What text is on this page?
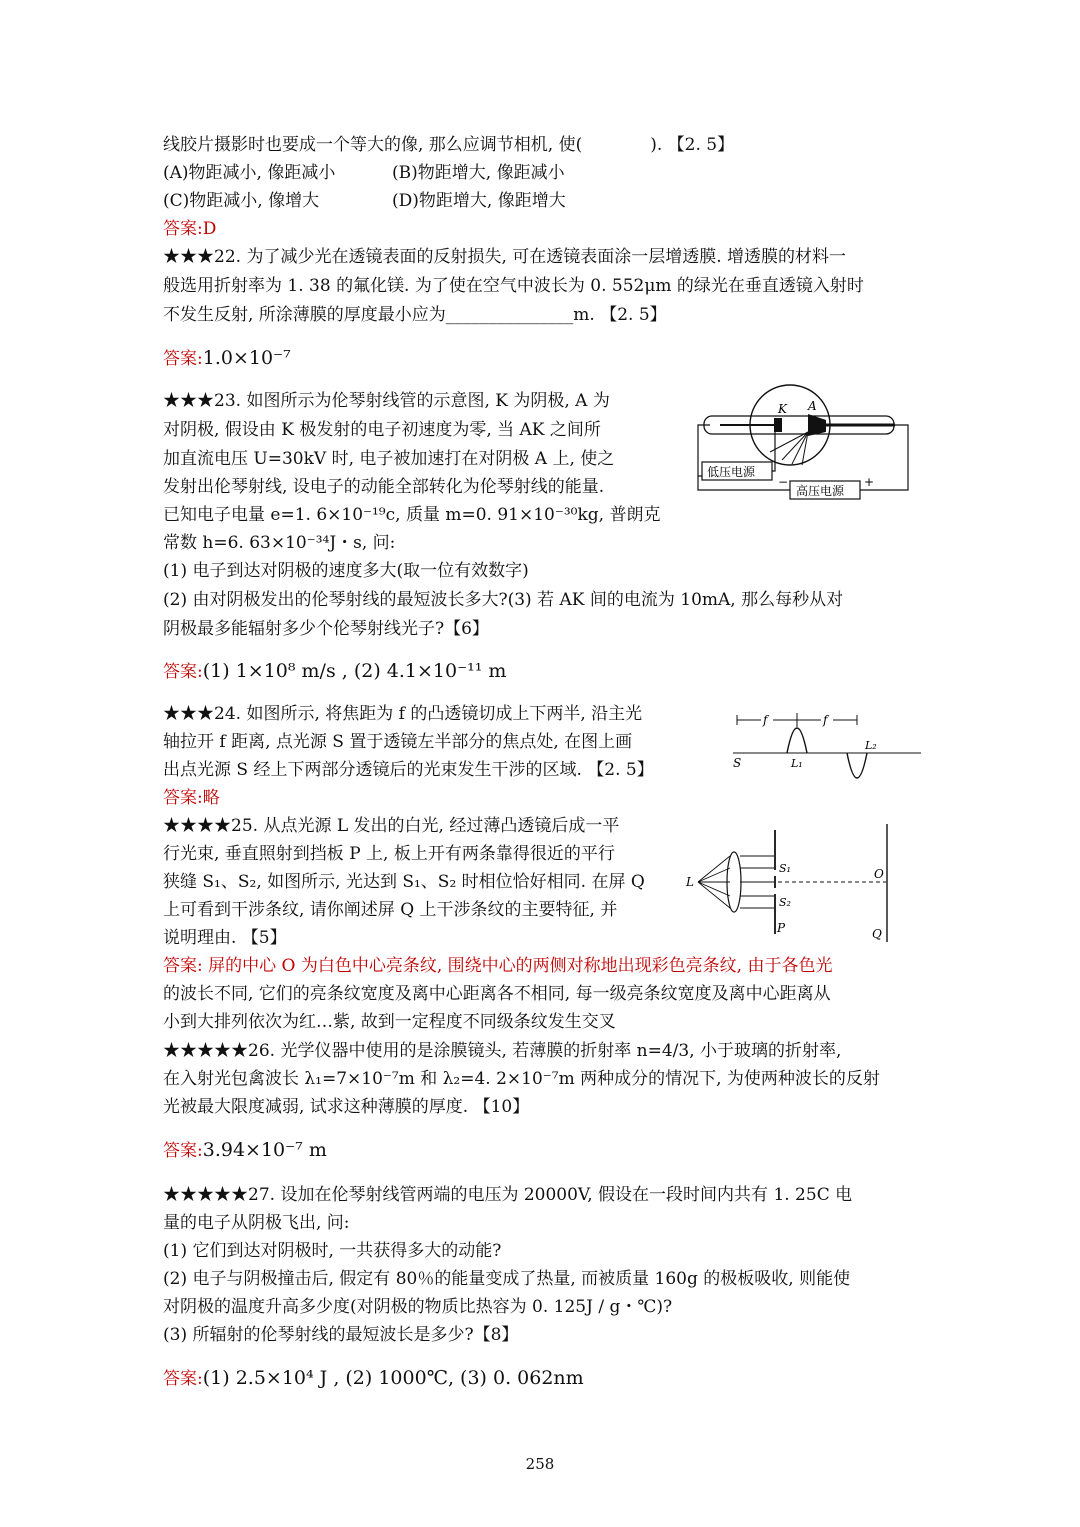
线胶片摄影时也要成一个等大的像, 那么应调节相机, 使(　　　　). 【2. 5】
(A)物距减小, 像距减小	(B)物距增大, 像距减小
(C)物距减小, 像增大	(D)物距增大, 像距增大
答案:D
★★★22. 为了减少光在透镜表面的反射损失, 可在透镜表面涂一层增透膜. 增透膜的材料一
般选用折射率为 1. 38 的氟化镁. 为了使在空气中波长为 0. 552μm 的绿光在垂直透镜入射时
不发生反射, 所涂薄膜的厚度最小应为_______________m. 【2. 5】
答案:1.0×10⁻⁷
★★★23. 如图所示为伦琴射线管的示意图, K 为阴极, A 为
对阴极, 假设由 K 极发射的电子初速度为零, 当 AK 之间所
加直流电压 U=30kV 时, 电子被加速打在对阴极 A 上, 使之
发射出伦琴射线, 设电子的动能全部转化为伦琴射线的能量.
已知电子电量 e=1. 6×10⁻¹⁹c, 质量 m=0. 91×10⁻³⁰kg, 普朗克
常数 h=6. 63×10⁻³⁴J・s, 问:
(1) 电子到达对阴极的速度多大(取一位有效数字)
(2) 由对阴极发出的伦琴射线的最短波长多大?(3) 若 AK 间的电流为 10mA, 那么每秒从对
阴极最多能辐射多少个伦琴射线光子?【6】
答案:(1) 1×10⁸ m/s , (2) 4.1×10⁻¹¹ m
K A
低压电源
高压电源
−	+
★★★24. 如图所示, 将焦距为 f 的凸透镜切成上下两半, 沿主光
轴拉开 f 距离, 点光源 S 置于透镜左半部分的焦点处, 在图上画
出点光源 S 经上下两部分透镜后的光束发生干涉的区域. 【2. 5】
答案:略
f	f
S	L₁
L₂
★★★★25. 从点光源 L 发出的白光, 经过薄凸透镜后成一平
行光束, 垂直照射到挡板 P 上, 板上开有两条靠得很近的平行
狭缝 S₁、S₂, 如图所示, 光达到 S₁、S₂ 时相位恰好相同. 在屏 Q
上可看到干涉条纹, 请你阐述屏 Q 上干涉条纹的主要特征, 并
说明理由. 【5】
答案: 屏的中心 O 为白色中心亮条纹, 围绕中心的两侧对称地出现彩色亮条纹, 由于各色光
的波长不同, 它们的亮条纹宽度及离中心距离各不相同, 每一级亮条纹宽度及离中心距离从
小到大排列依次为红…紫, 故到一定程度不同级条纹发生交叉
L
S₁
S₂
O
P	Q
★★★★★26. 光学仪器中使用的是涂膜镜头, 若薄膜的折射率 n=4/3, 小于玻璃的折射率,
在入射光包禽波长 λ₁=7×10⁻⁷m 和 λ₂=4. 2×10⁻⁷m 两种成分的情况下, 为使两种波长的反射
光被最大限度减弱, 试求这种薄膜的厚度. 【10】
答案:3.94×10⁻⁷ m
★★★★★27. 设加在伦琴射线管两端的电压为 20000V, 假设在一段时间内共有 1. 25C 电
量的电子从阴极飞出, 问:
(1) 它们到达对阴极时, 一共获得多大的动能?
(2) 电子与阴极撞击后, 假定有 80％的能量变成了热量, 而被质量 160g 的极板吸收, 则能使
对阴极的温度升高多少度(对阴极的物质比热容为 0. 125J / g・℃)?
(3) 所辐射的伦琴射线的最短波长是多少?【8】
答案:(1) 2.5×10⁴ J , (2) 1000℃, (3) 0. 062nm
258
